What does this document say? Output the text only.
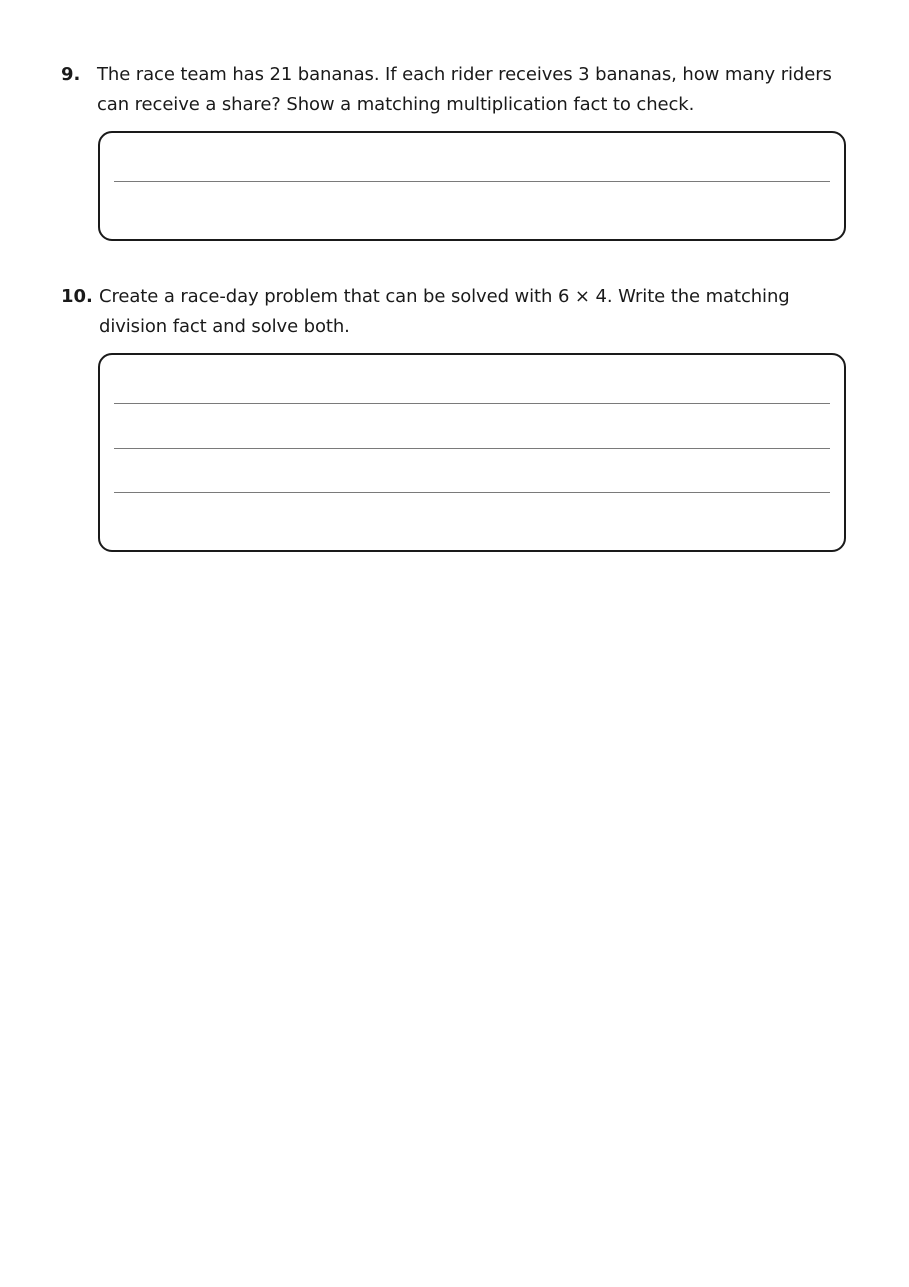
9. The race team has 21 bananas. If each rider receives 3 bananas, how many riders
can receive a share? Show a matching multiplication fact to check.
10. Create a race-day problem that can be solved with 6 × 4. Write the matching
division fact and solve both.
